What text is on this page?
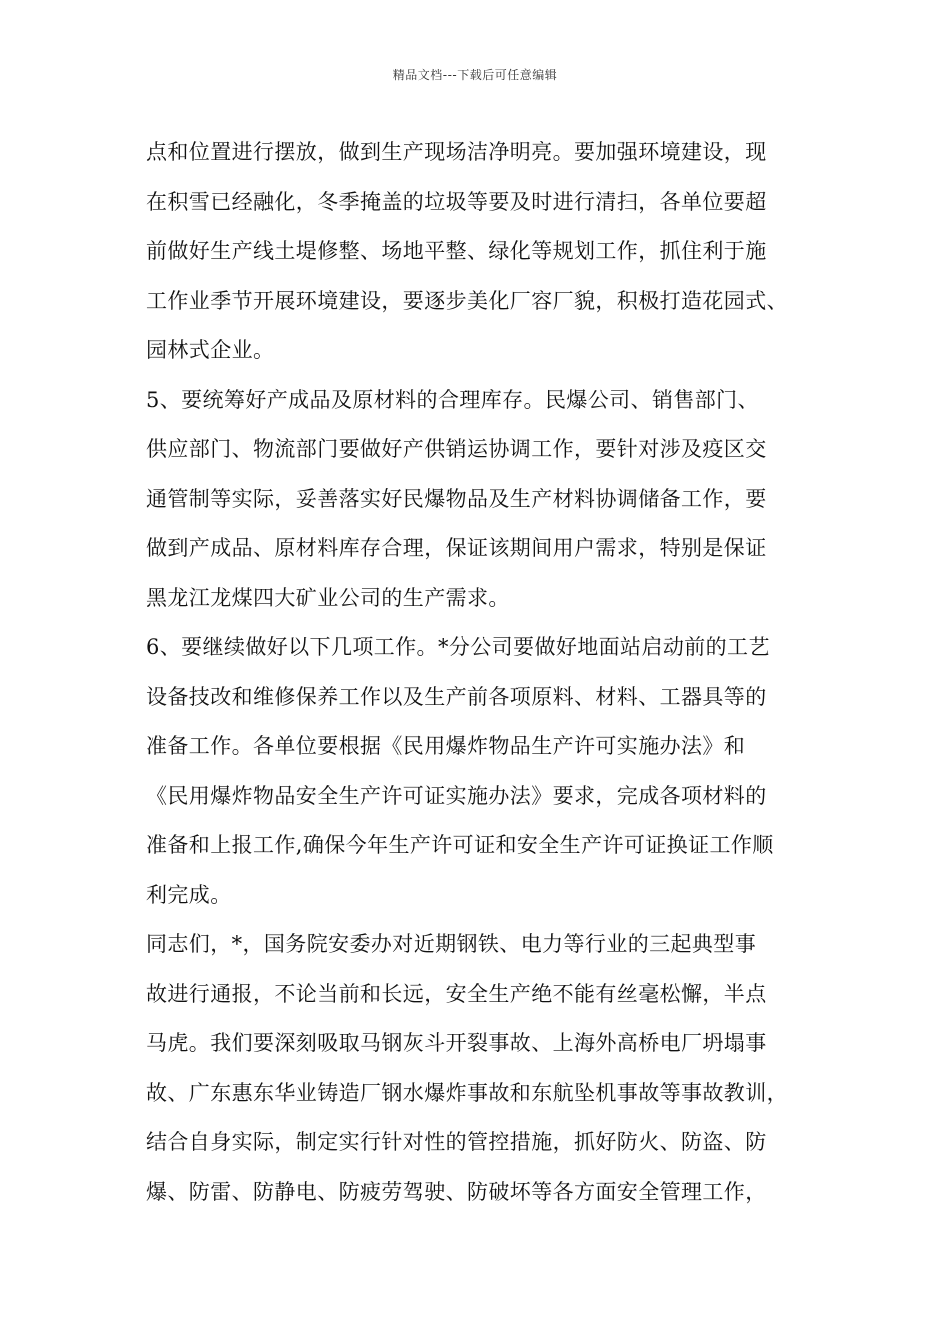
精品文档---下载后可任意编辑
点和位置进行摆放，做到生产现场洁净明亮。要加强环境建设，现
在积雪已经融化，冬季掩盖的垃圾等要及时进行清扫，各单位要超
前做好生产线土堤修整、场地平整、绿化等规划工作，抓住利于施
工作业季节开展环境建设，要逐步美化厂容厂貌，积极打造花园式、
园林式企业。
5、要统筹好产成品及原材料的合理库存。民爆公司、销售部门、
供应部门、物流部门要做好产供销运协调工作，要针对涉及疫区交
通管制等实际，妥善落实好民爆物品及生产材料协调储备工作，要
做到产成品、原材料库存合理，保证该期间用户需求，特别是保证
黑龙江龙煤四大矿业公司的生产需求。
6、要继续做好以下几项工作。*分公司要做好地面站启动前的工艺
设备技改和维修保养工作以及生产前各项原料、材料、工器具等的
准备工作。各单位要根据《民用爆炸物品生产许可实施办法》和
《民用爆炸物品安全生产许可证实施办法》要求，完成各项材料的
准备和上报工作,确保今年生产许可证和安全生产许可证换证工作顺
利完成。
同志们，*，国务院安委办对近期钢铁、电力等行业的三起典型事
故进行通报，不论当前和长远，安全生产绝不能有丝毫松懈，半点
马虎。我们要深刻吸取马钢灰斗开裂事故、上海外高桥电厂坍塌事
故、广东惠东华业铸造厂钢水爆炸事故和东航坠机事故等事故教训，
结合自身实际，制定实行针对性的管控措施，抓好防火、防盗、防
爆、防雷、防静电、防疲劳驾驶、防破坏等各方面安全管理工作，
